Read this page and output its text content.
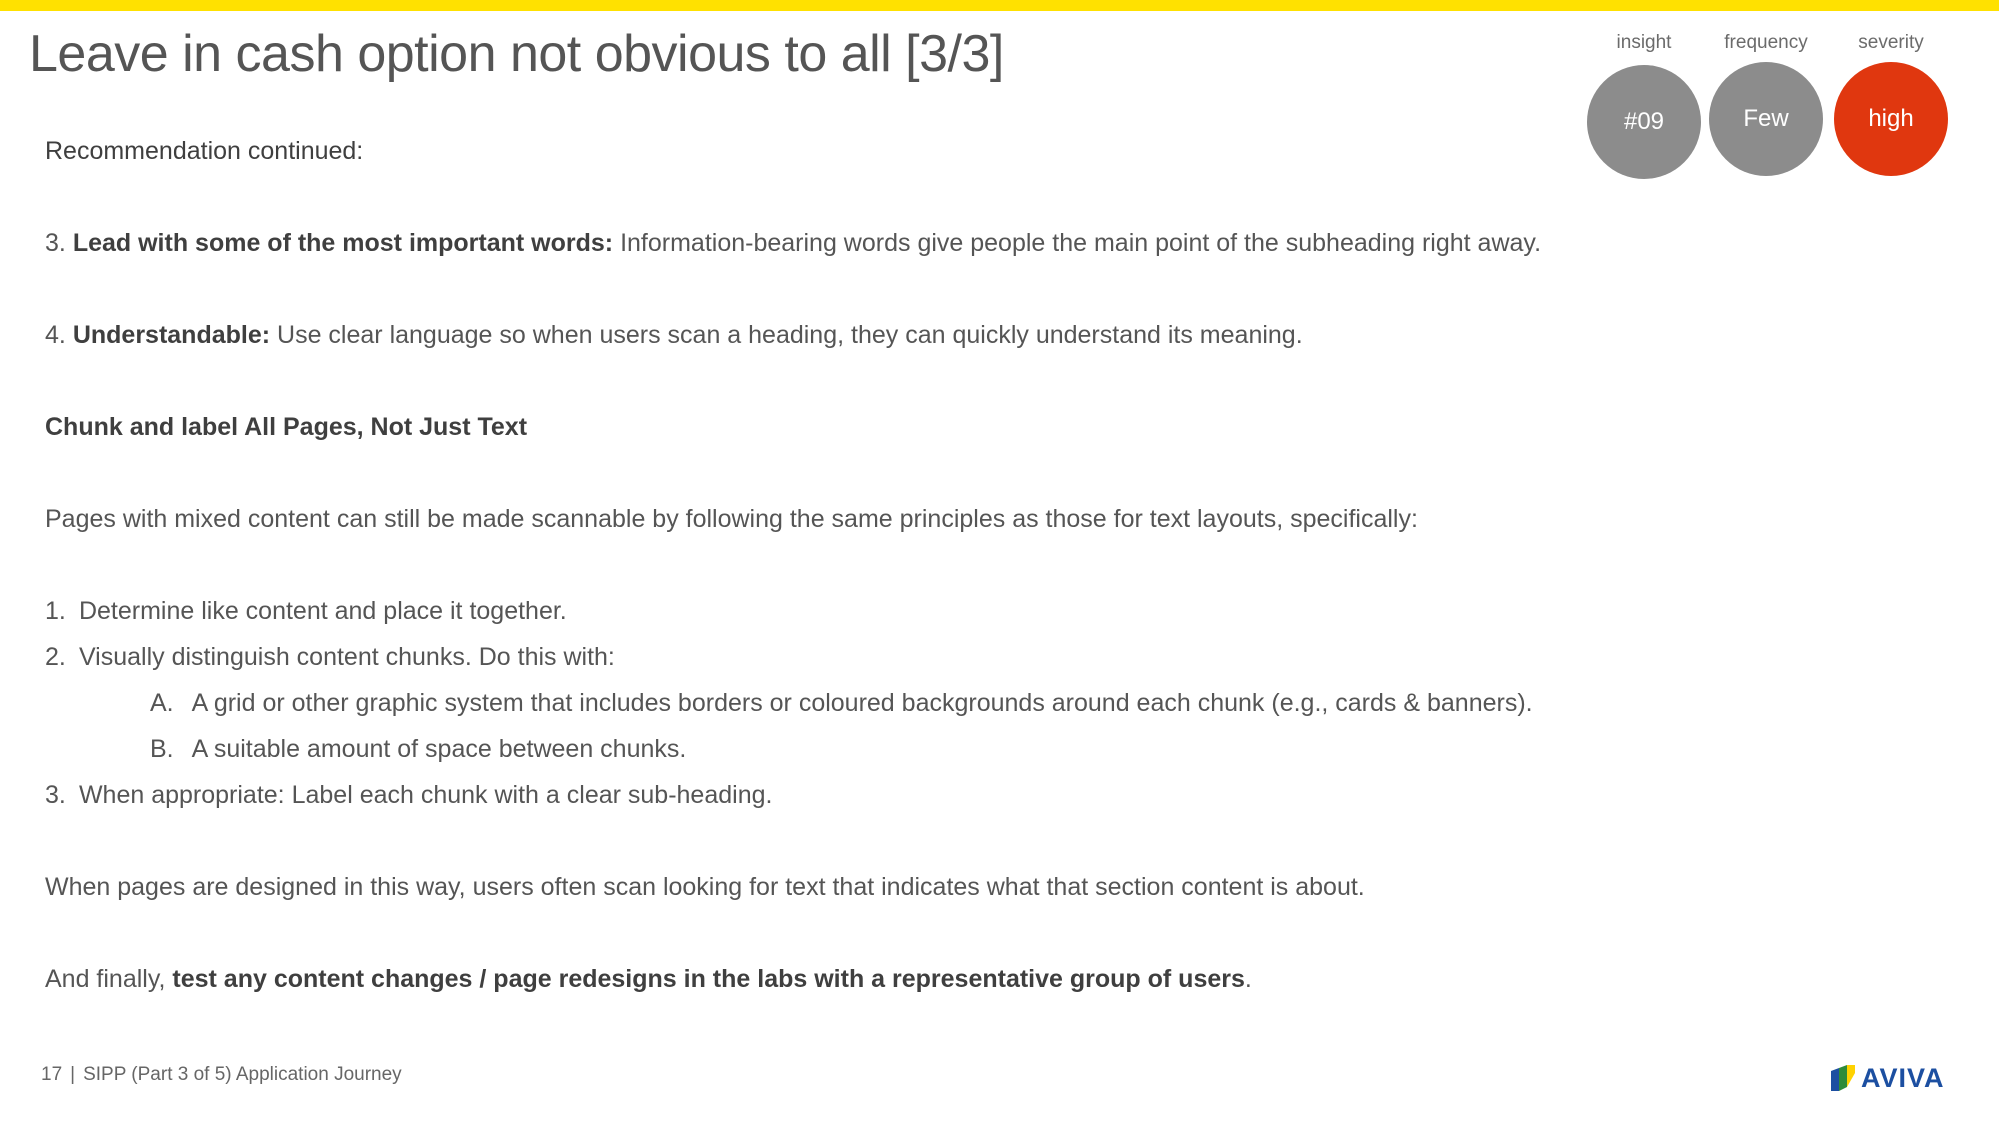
Leave in cash option not obvious to all [3/3]	insight
#09
frequency
Few
severity
high

Recommendation continued:

3. Lead with some of the most important words: Information-bearing words give people the main point of the subheading right away.

4. Understandable: Use clear language so when users scan a heading, they can quickly understand its meaning.

Chunk and label All Pages, Not Just Text

Pages with mixed content can still be made scannable by following the same principles as those for text layouts, specifically:

1. Determine like content and place it together.
2. Visually distinguish content chunks. Do this with:
A. A grid or other graphic system that includes borders or coloured backgrounds around each chunk (e.g., cards & banners).
B. A suitable amount of space between chunks.
3. When appropriate: Label each chunk with a clear sub-heading.

When pages are designed in this way, users often scan looking for text that indicates what that section content is about.

And finally, test any content changes / page redesigns in the labs with a representative group of users.

17 | SIPP (Part 3 of 5) Application Journey	AVIVA
